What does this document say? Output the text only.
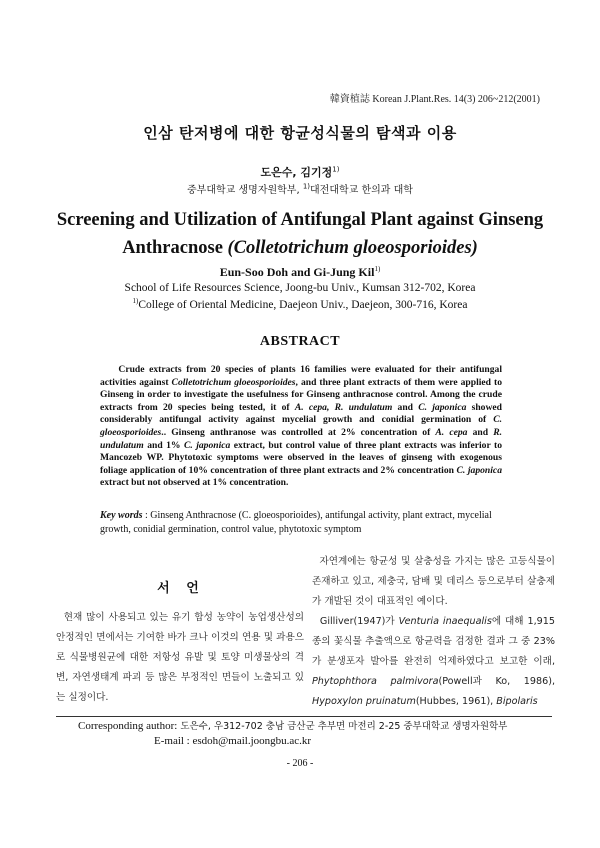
韓資植誌 Korean J.Plant.Res. 14(3) 206~212(2001)
인삼 탄저병에 대한 항균성식물의 탐색과 이용
도은수, 김기정$^{1)}$
중부대학교 생명자원학부, $^{1)}$대전대학교 한의과 대학
Screening and Utilization of Antifungal Plant against Ginseng
Anthracnose (Colletotrichum gloeosporioides)
Eun-Soo Doh and Gi-Jung Kil$^{1)}$
School of Life Resources Science, Joong-bu Univ., Kumsan 312-702, Korea
$^{1)}$College of Oriental Medicine, Daejeon Univ., Daejeon, 300-716, Korea
ABSTRACT
Crude extracts from 20 species of plants 16 families were evaluated for their antifungal activities against Colletotrichum gloeosporioides, and three plant extracts of them were applied to Ginseng in order to investigate the usefulness for Ginseng anthracnose control. Among the crude extracts from 20 species being tested, it of A. cepa, R. undulatum and C. japonica showed considerably antifungal activity against mycelial growth and conidial germination of C. gloeosporioides.. Ginseng anthranose was controlled at 2% concentration of A. cepa and R. undulatum and 1% C. japonica extract, but control value of three plant extracts was inferior to Mancozeb WP. Phytotoxic symptoms were observed in the leaves of ginseng with exogenous foliage application of 10% concentration of three plant extracts and 2% concentration C. japonica extract but not observed at 1% concentration.
Key words : Ginseng Anthracnose (C. gloeosporioides), antifungal activity, plant extract, mycelial growth, conidial germination, control value, phytotoxic symptom
서 언
현재 많이 사용되고 있는 유기 합성 농약이 농업생산성의 안정적인 면에서는 기여한 바가 크나 이것의 연용 및 과용으로 식물병원균에 대한 저항성 유발 및 토양 미생물상의 격변, 자연생태계 파괴 등 많은 부정적인 면들이 노출되고 있는 실정이다.
자연계에는 항균성 및 살충성을 가지는 많은 고등식물이 존재하고 있고, 제충국, 담배 및 데리스 등으로부터 살충제가 개발된 것이 대표적인 예이다.
Gilliver(1947)가 Venturia inaequalis에 대해 1,915종의 꽃식물 추출액으로 항균력을 검정한 결과 그 중 23%가 분생포자 발아를 완전히 억제하였다고 보고한 이래, Phytophthora palmivora(Powell과 Ko, 1986), Hypoxylon pruinatum(Hubbes, 1961), Bipolaris
Corresponding author: 도은수, 우312-702 충남 금산군 추부면 마전리 2-25 중부대학교 생명자원학부
E-mail : esdoh@mail.joongbu.ac.kr
- 206 -
